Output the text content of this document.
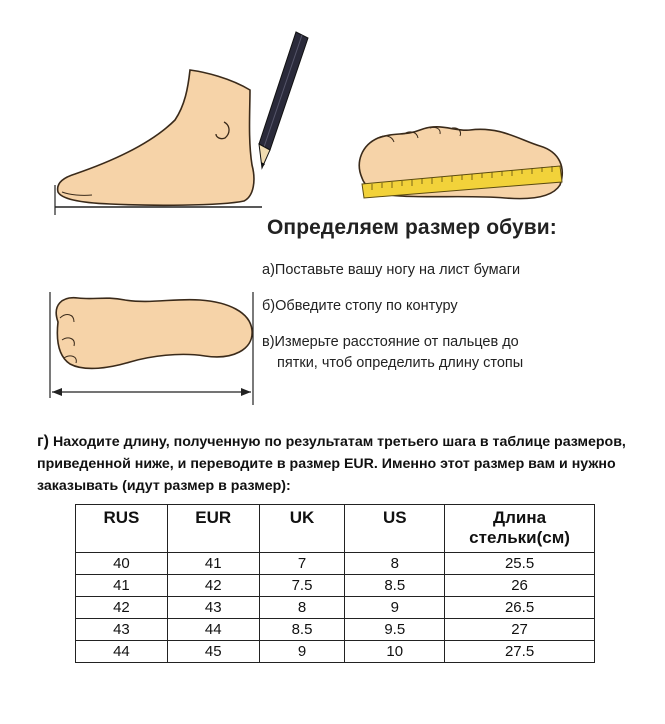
Определяем размер обуви:
а)Поставьте вашу ногу на лист бумаги
б)Обведите стопу по контуру
в)Измерьте расстояние от пальцев до
пятки, чтоб определить длину стопы
г) Находите длину, полученную по результатам третьего шага в таблице размеров, приведенной ниже, и переводите в размер EUR. Именно этот размер вам и нужно заказывать (идут размер в размер):
RUS	EUR	UK	US	Длина стельки(см)
40	41	7	8	25.5
41	42	7.5	8.5	26
42	43	8	9	26.5
43	44	8.5	9.5	27
44	45	9	10	27.5
